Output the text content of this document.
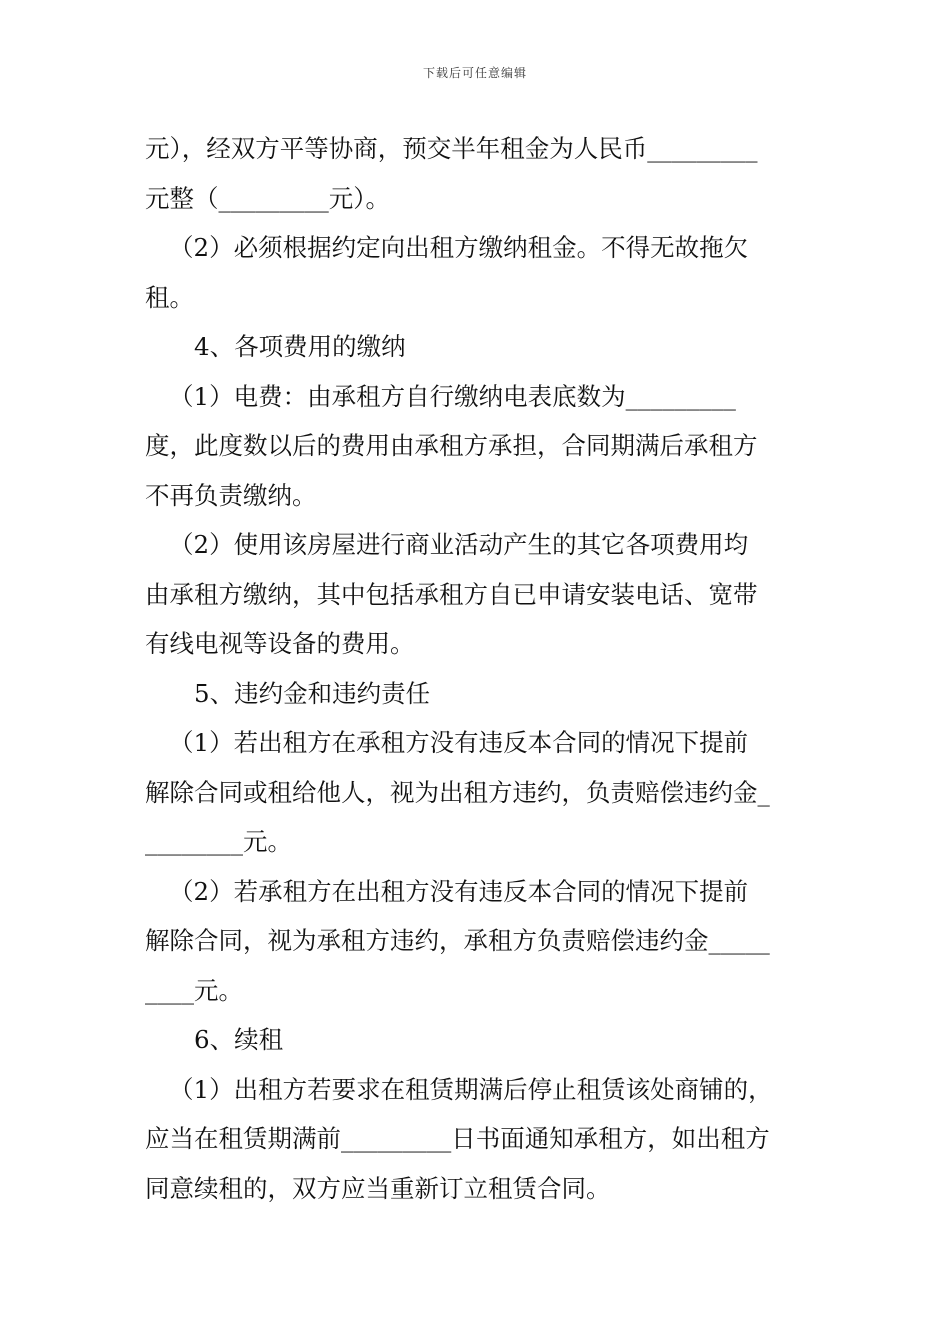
下载后可任意编辑
元），经双方平等协商，预交半年租金为人民币_________
元整（_________元）。
（2）必须根据约定向出租方缴纳租金。不得无故拖欠
租。
4、各项费用的缴纳
（1）电费：由承租方自行缴纳电表底数为_________
度，此度数以后的费用由承租方承担，合同期满后承租方
不再负责缴纳。
（2）使用该房屋进行商业活动产生的其它各项费用均
由承租方缴纳，其中包括承租方自已申请安装电话、宽带
有线电视等设备的费用。
5、违约金和违约责任
（1）若出租方在承租方没有违反本合同的情况下提前
解除合同或租给他人，视为出租方违约，负责赔偿违约金_
________元。
（2）若承租方在出租方没有违反本合同的情况下提前
解除合同，视为承租方违约，承租方负责赔偿违约金_____
____元。
6、续租
（1）出租方若要求在租赁期满后停止租赁该处商铺的，
应当在租赁期满前_________日书面通知承租方，如出租方
同意续租的，双方应当重新订立租赁合同。
